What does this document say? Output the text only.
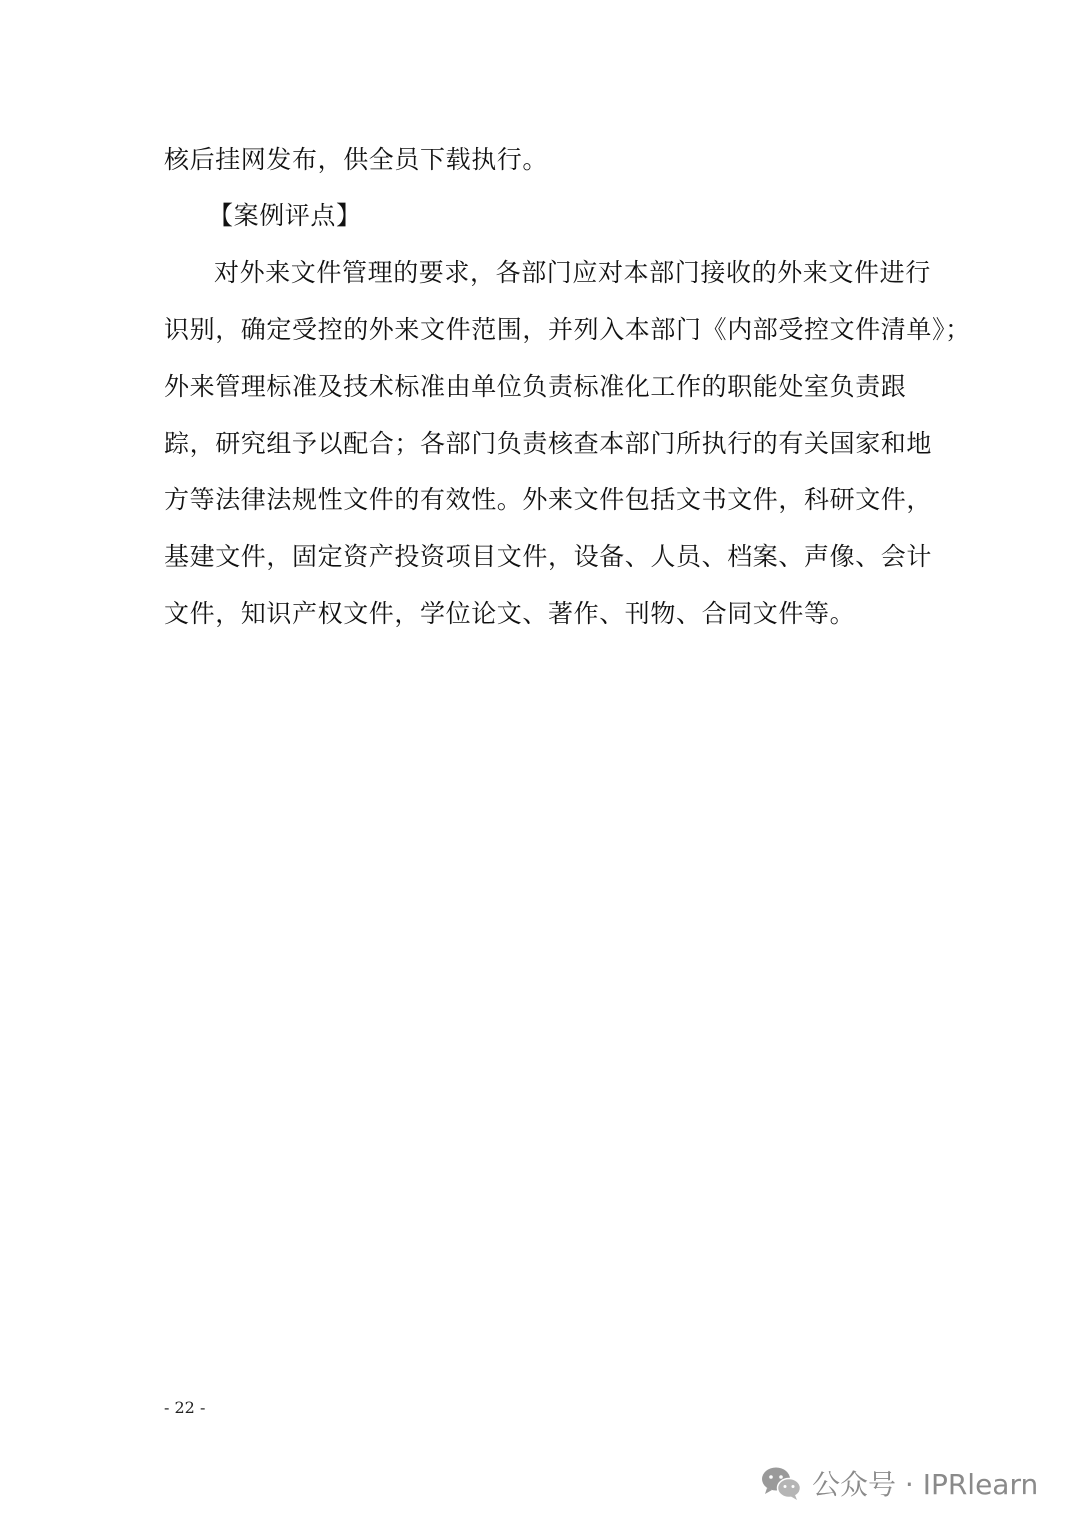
核后挂网发布，供全员下载执行。
【案例评点】
对外来文件管理的要求，各部门应对本部门接收的外来文件进行
识别，确定受控的外来文件范围，并列入本部门《内部受控文件清单》；
外来管理标准及技术标准由单位负责标准化工作的职能处室负责跟
踪，研究组予以配合；各部门负责核查本部门所执行的有关国家和地
方等法律法规性文件的有效性。外来文件包括文书文件，科研文件，
基建文件，固定资产投资项目文件，设备、人员、档案、声像、会计
文件，知识产权文件，学位论文、著作、刊物、合同文件等。
- 22 -
公众号 · IPRlearn
